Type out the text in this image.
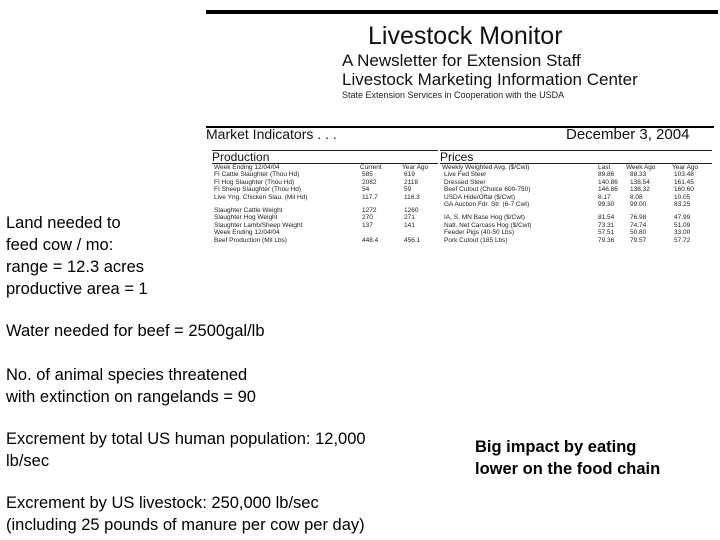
Livestock Monitor
A Newsletter for Extension Staff
Livestock Marketing Information Center
State Extension Services in Cooperation with the USDA
Market Indicators . . .	December 3, 2004
Production
Week Ending 12/04/04	Current	Year Ago
FI Cattle Slaughter (Thou Hd)	585	619
FI Hog Slaughter (Thou Hd)	2082	2118
FI Sheep Slaughter (Thou Hd)	54	59
Live Yng. Chicken Slau. (Mil Hd)	117.7	116.3
Slaughter Cattle Weight	1272	1260
Slaughter Hog Weight	270	271
Slaughter Lamb/Sheep Weight	137	141
Week Ending 12/04/04
Beef Production (Mil Lbs)	448.4	456.1
Prices
Weekly Weighted Avg. ($/Cwt)	Last Week Ago	Year Ago
Live Fed Steer	89.86 88.33	103.48
Dressed Steer	140.86 138.54	161.45
Beef Cutout (Choice 600-750)	146.86 138.32	160.60
USDA Hide/Offal ($/Cwt)	8.17	8.08	10.05
GA Auction Fdr. Str. (6-7 Cwt)	99.30 99.00	83.25
IA, S. MN Base Hog ($/Cwt)	81.54 76.98	47.99
Natl. Net Carcass Hog ($/Cwt)	73.31 74.74	51.09
Feeder Pigs (40-50 Lbs)	57.51 50.80	33.00
Pork Cutout (185 Lbs)	79.36 79.57	57.72
Land needed to
feed cow / mo:
range = 12.3 acres
productive area = 1
Water needed for beef = 2500gal/lb
No. of animal species threatened
with extinction on rangelands = 90
Excrement by total US human population: 12,000
lb/sec
Excrement by US livestock: 250,000 lb/sec
(including 25 pounds of manure per cow per day)
Big impact by eating
lower on the food chain
